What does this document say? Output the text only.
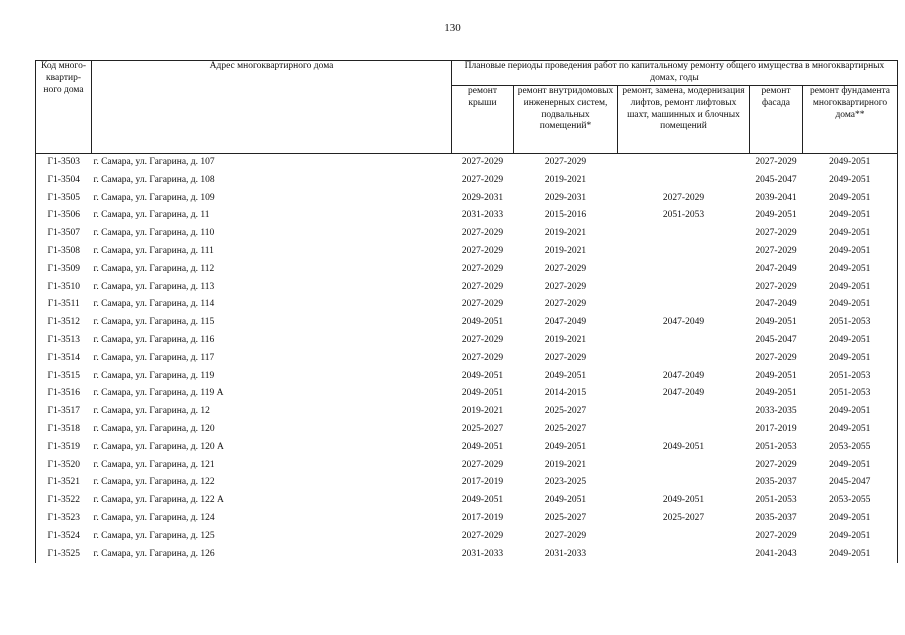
130
Код много-квартир-ного дома	Адрес многоквартирного дома	Плановые периоды проведения работ по капитальному ремонту общего имущества в многоквартирных домах, годы				
		ремонт крыши	ремонт внутридомовых инженерных систем, подвальных помещений*	ремонт, замена, модернизация лифтов, ремонт лифтовых шахт, машинных и блочных помещений	ремонт фасада	ремонт фундамента многоквартирного дома**
Г1-3503	г. Самара, ул. Гагарина, д. 107	2027-2029	2027-2029		2027-2029	2049-2051
Г1-3504	г. Самара, ул. Гагарина, д. 108	2027-2029	2019-2021		2045-2047	2049-2051
Г1-3505	г. Самара, ул. Гагарина, д. 109	2029-2031	2029-2031	2027-2029	2039-2041	2049-2051
Г1-3506	г. Самара, ул. Гагарина, д. 11	2031-2033	2015-2016	2051-2053	2049-2051	2049-2051
Г1-3507	г. Самара, ул. Гагарина, д. 110	2027-2029	2019-2021		2027-2029	2049-2051
Г1-3508	г. Самара, ул. Гагарина, д. 111	2027-2029	2019-2021		2027-2029	2049-2051
Г1-3509	г. Самара, ул. Гагарина, д. 112	2027-2029	2027-2029		2047-2049	2049-2051
Г1-3510	г. Самара, ул. Гагарина, д. 113	2027-2029	2027-2029		2027-2029	2049-2051
Г1-3511	г. Самара, ул. Гагарина, д. 114	2027-2029	2027-2029		2047-2049	2049-2051
Г1-3512	г. Самара, ул. Гагарина, д. 115	2049-2051	2047-2049	2047-2049	2049-2051	2051-2053
Г1-3513	г. Самара, ул. Гагарина, д. 116	2027-2029	2019-2021		2045-2047	2049-2051
Г1-3514	г. Самара, ул. Гагарина, д. 117	2027-2029	2027-2029		2027-2029	2049-2051
Г1-3515	г. Самара, ул. Гагарина, д. 119	2049-2051	2049-2051	2047-2049	2049-2051	2051-2053
Г1-3516	г. Самара, ул. Гагарина, д. 119 А	2049-2051	2014-2015	2047-2049	2049-2051	2051-2053
Г1-3517	г. Самара, ул. Гагарина, д. 12	2019-2021	2025-2027		2033-2035	2049-2051
Г1-3518	г. Самара, ул. Гагарина, д. 120	2025-2027	2025-2027		2017-2019	2049-2051
Г1-3519	г. Самара, ул. Гагарина, д. 120 А	2049-2051	2049-2051	2049-2051	2051-2053	2053-2055
Г1-3520	г. Самара, ул. Гагарина, д. 121	2027-2029	2019-2021		2027-2029	2049-2051
Г1-3521	г. Самара, ул. Гагарина, д. 122	2017-2019	2023-2025		2035-2037	2045-2047
Г1-3522	г. Самара, ул. Гагарина, д. 122 А	2049-2051	2049-2051	2049-2051	2051-2053	2053-2055
Г1-3523	г. Самара, ул. Гагарина, д. 124	2017-2019	2025-2027	2025-2027	2035-2037	2049-2051
Г1-3524	г. Самара, ул. Гагарина, д. 125	2027-2029	2027-2029		2027-2029	2049-2051
Г1-3525	г. Самара, ул. Гагарина, д. 126	2031-2033	2031-2033		2041-2043	2049-2051
